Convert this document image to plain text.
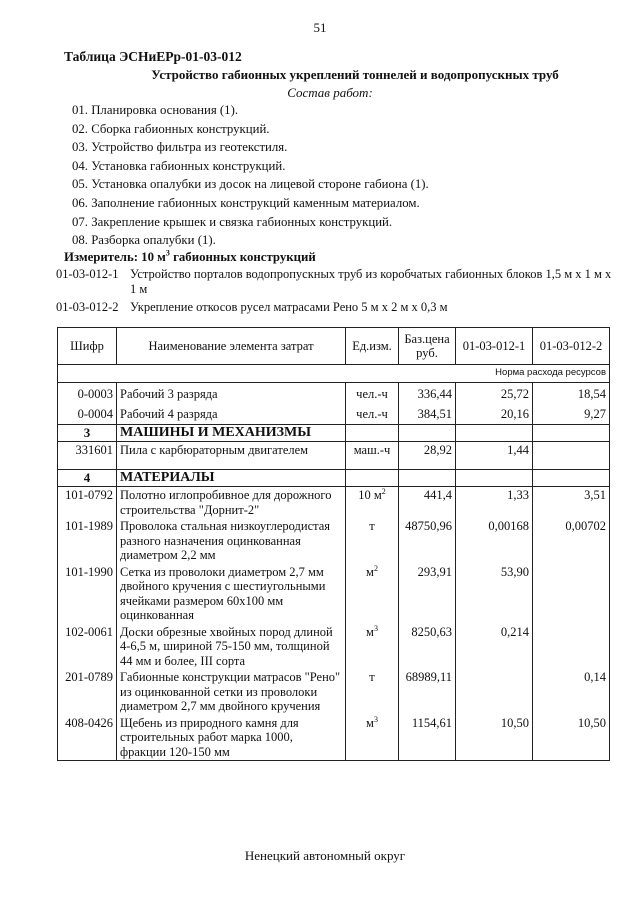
51
Таблица ЭСНиЕРр-01-03-012
Устройство габионных укреплений тоннелей и водопропускных труб
Состав работ:
01. Планировка основания (1).
02. Сборка габионных конструкций.
03. Устройство фильтра из геотекстиля.
04. Установка габионных конструкций.
05. Установка опалубки из досок на лицевой стороне габиона (1).
06. Заполнение габионных конструкций каменным материалом.
07. Закрепление крышек и связка габионных конструкций.
08. Разборка опалубки (1).
Измеритель: 10 $м^3$ габионных конструкций
01-03-012-1 Устройство порталов водопропускных труб из коробчатых габионных блоков 1,5 м х 1 м х 1 м
01-03-012-2 Укрепление откосов русел матрасами Рено 5 м х 2 м х 0,3 м
Шифр	Наименование элемента затрат	Ед.изм.	Баз.цена руб.	01-03-012-1	01-03-012-2
Норма расхода ресурсов					
0-0003	Рабочий 3 разряда	чел.-ч	336,44	25,72	18,54
0-0004	Рабочий 4 разряда	чел.-ч	384,51	20,16	9,27
3	МАШИНЫ И МЕХАНИЗМЫ				
331601	Пила с карбюраторным двигателем	маш.-ч	28,92	1,44	

4	МАТЕРИАЛЫ				
101-0792	Полотно иглопробивное для дорожного строительства "Дорнит-2"	10 $м^2$	441,4	1,33	3,51
101-1989	Проволока стальная низкоуглеродистая разного назначения оцинкованная диаметром 2,2 мм	т	48750,96	0,00168	0,00702
101-1990	Сетка из проволоки диаметром 2,7 мм двойного кручения с шестиугольными ячейками размером 60х100 мм оцинкованная	$м^2$	293,91	53,90	
102-0061	Доски обрезные хвойных пород длиной 4-6,5 м, шириной 75-150 мм, толщиной 44 мм и более, III сорта	$м^3$	8250,63	0,214	
201-0789	Габионные конструкции матрасов "Рено" из оцинкованной сетки из проволоки диаметром 2,7 мм двойного кручения	т	68989,11		0,14
408-0426	Щебень из природного камня для строительных работ марка 1000, фракции 120-150 мм	$м^3$	1154,61	10,50	10,50
Ненецкий автономный округ
